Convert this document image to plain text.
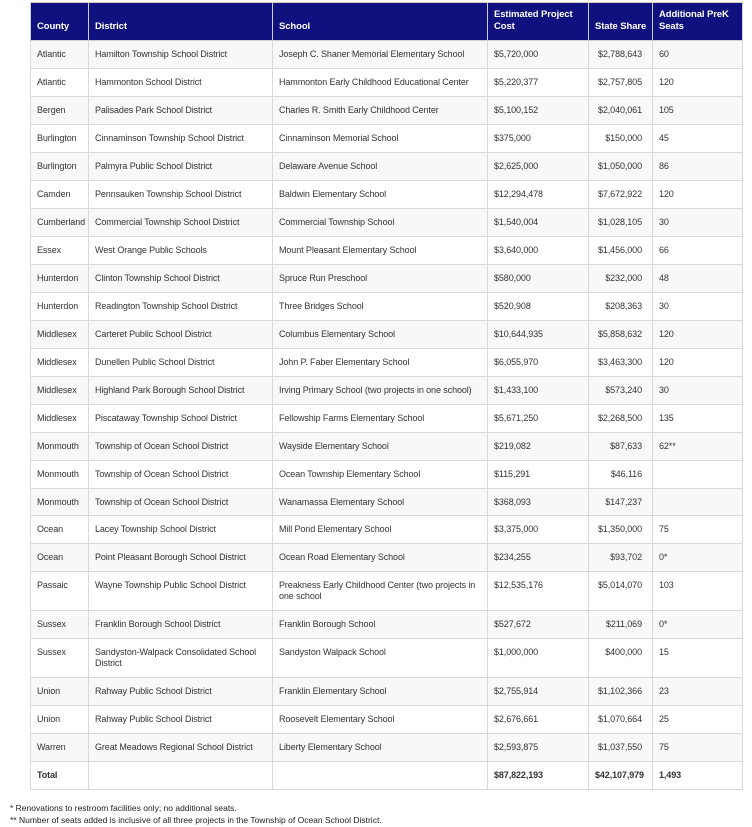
County	District	School	Estimated Project Cost	State Share	Additional PreK Seats
Atlantic	Hamilton Township School District	Joseph C. Shaner Memorial Elementary School	$5,720,000	$2,788,643	60
Atlantic	Hammonton School District	Hammonton Early Childhood Educational Center	$5,220,377	$2,757,805	120
Bergen	Palisades Park School District	Charles R. Smith Early Childhood Center	$5,100,152	$2,040,061	105
Burlington	Cinnaminson Township School District	Cinnaminson Memorial School	$375,000	$150,000	45
Burlington	Palmyra Public School District	Delaware Avenue School	$2,625,000	$1,050,000	86
Camden	Pennsauken Township School District	Baldwin Elementary School	$12,294,478	$7,672,922	120
Cumberland	Commercial Township School District	Commercial Township School	$1,540,004	$1,028,105	30
Essex	West Orange Public Schools	Mount Pleasant Elementary School	$3,640,000	$1,456,000	66
Hunterdon	Clinton Township School District	Spruce Run Preschool	$580,000	$232,000	48
Hunterdon	Readington Township School District	Three Bridges School	$520,908	$208,363	30
Middlesex	Carteret Public School District	Columbus Elementary School	$10,644,935	$5,858,632	120
Middlesex	Dunellen Public School District	John P. Faber Elementary School	$6,055,970	$3,463,300	120
Middlesex	Highland Park Borough School District	Irving Primary School (two projects in one school)	$1,433,100	$573,240	30
Middlesex	Piscataway Township School District	Fellowship Farms Elementary School	$5,671,250	$2,268,500	135
Monmouth	Township of Ocean School District	Wayside Elementary School	$219,082	$87,633	62**
Monmouth	Township of Ocean School District	Ocean Township Elementary School	$115,291	$46,116	
Monmouth	Township of Ocean School District	Wanamassa Elementary School	$368,093	$147,237	
Ocean	Lacey Township School District	Mill Pond Elementary School	$3,375,000	$1,350,000	75
Ocean	Point Pleasant Borough School District	Ocean Road Elementary School	$234,255	$93,702	0*
Passaic	Wayne Township Public School District	Preakness Early Childhood Center (two projects in one school	$12,535,176	$5,014,070	103
Sussex	Franklin Borough School District	Franklin Borough School	$527,672	$211,069	0*
Sussex	Sandyston-Walpack Consolidated School District	Sandyston Walpack School	$1,000,000	$400,000	15
Union	Rahway Public School District	Franklin Elementary School	$2,755,914	$1,102,366	23
Union	Rahway Public School District	Roosevelt Elementary School	$2,676,661	$1,070,664	25
Warren	Great Meadows Regional School District	Liberty Elementary School	$2,593,875	$1,037,550	75
Total			$87,822,193	$42,107,979	1,493
* Renovations to restroom facilities only; no additional seats.
** Number of seats added is inclusive of all three projects in the Township of Ocean School District.
